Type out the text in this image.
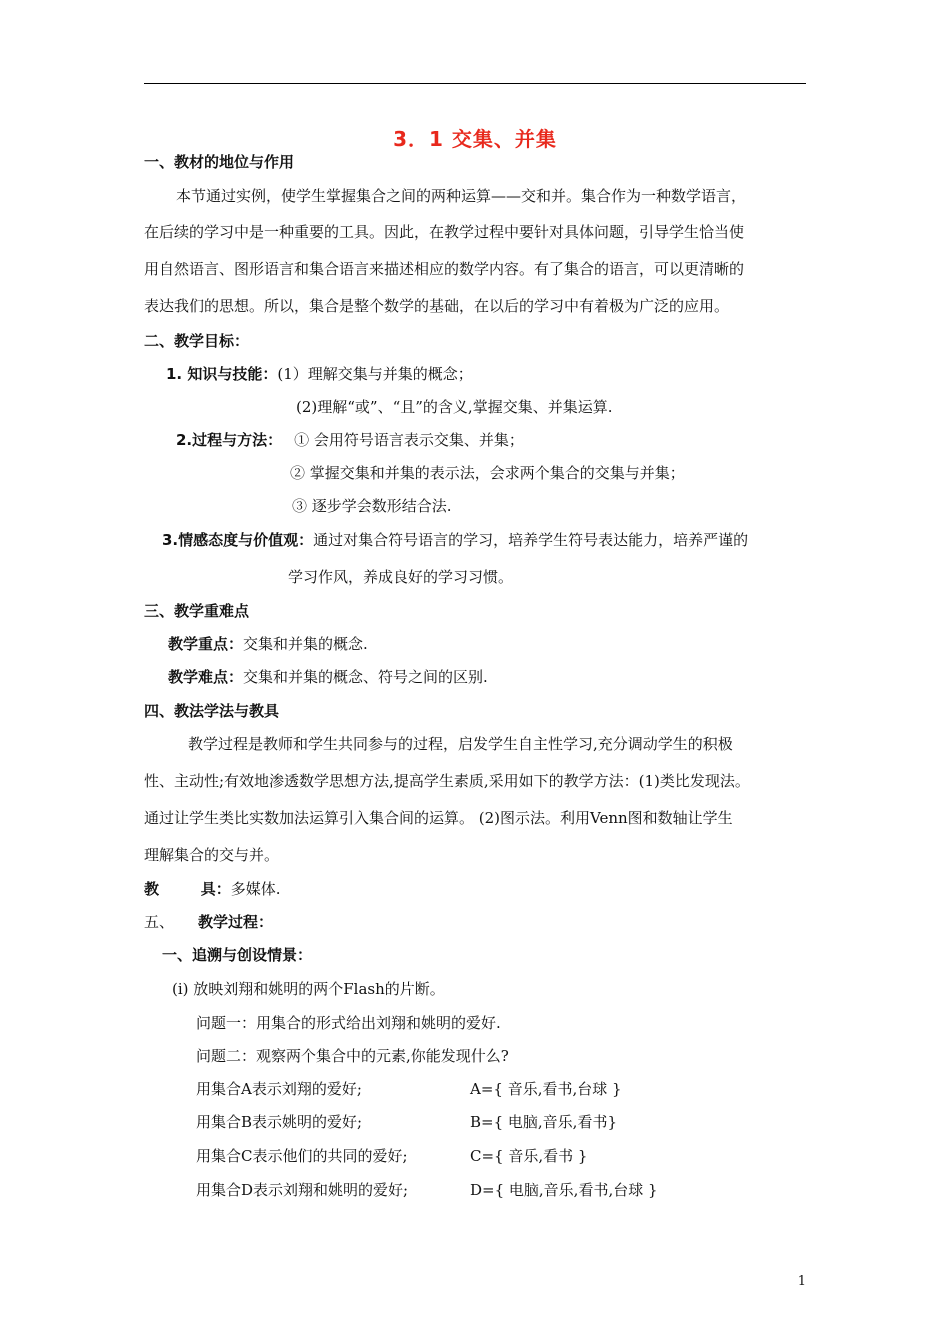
3．1 交集、并集
一、教材的地位与作用
本节通过实例，使学生掌握集合之间的两种运算——交和并。集合作为一种数学语言，
在后续的学习中是一种重要的工具。因此，在教学过程中要针对具体问题，引导学生恰当使
用自然语言、图形语言和集合语言来描述相应的数学内容。有了集合的语言，可以更清晰的
表达我们的思想。所以，集合是整个数学的基础，在以后的学习中有着极为广泛的应用。
二、教学目标：
1. 知识与技能：(1）理解交集与并集的概念；
(2)理解“或”、“且”的含义,掌握交集、并集运算.
2.过程与方法： ① 会用符号语言表示交集、并集；
② 掌握交集和并集的表示法，会求两个集合的交集与并集；
③ 逐步学会数形结合法.
3.情感态度与价值观：通过对集合符号语言的学习，培养学生符号表达能力，培养严谨的
学习作风，养成良好的学习习惯。
三、教学重难点
教学重点：交集和并集的概念.
教学难点：交集和并集的概念、符号之间的区别.
四、教法学法与教具
教学过程是教师和学生共同参与的过程，启发学生自主性学习,充分调动学生的积极
性、主动性;有效地渗透数学思想方法,提高学生素质,采用如下的教学方法：(1)类比发现法。
通过让学生类比实数加法运算引入集合间的运算。 (2)图示法。利用Venn图和数轴让学生
理解集合的交与并。
教        具：多媒体.
五、 教学过程：
一、追溯与创设情景：
(ⅰ) 放映刘翔和姚明的两个Flash的片断。
问题一：用集合的形式给出刘翔和姚明的爱好.
问题二：观察两个集合中的元素,你能发现什么?
用集合A表示刘翔的爱好;	A={ 音乐,看书,台球 }
用集合B表示姚明的爱好;	B={ 电脑,音乐,看书}
用集合C表示他们的共同的爱好;	C={ 音乐,看书 }
用集合D表示刘翔和姚明的爱好;	D={ 电脑,音乐,看书,台球 }
1
